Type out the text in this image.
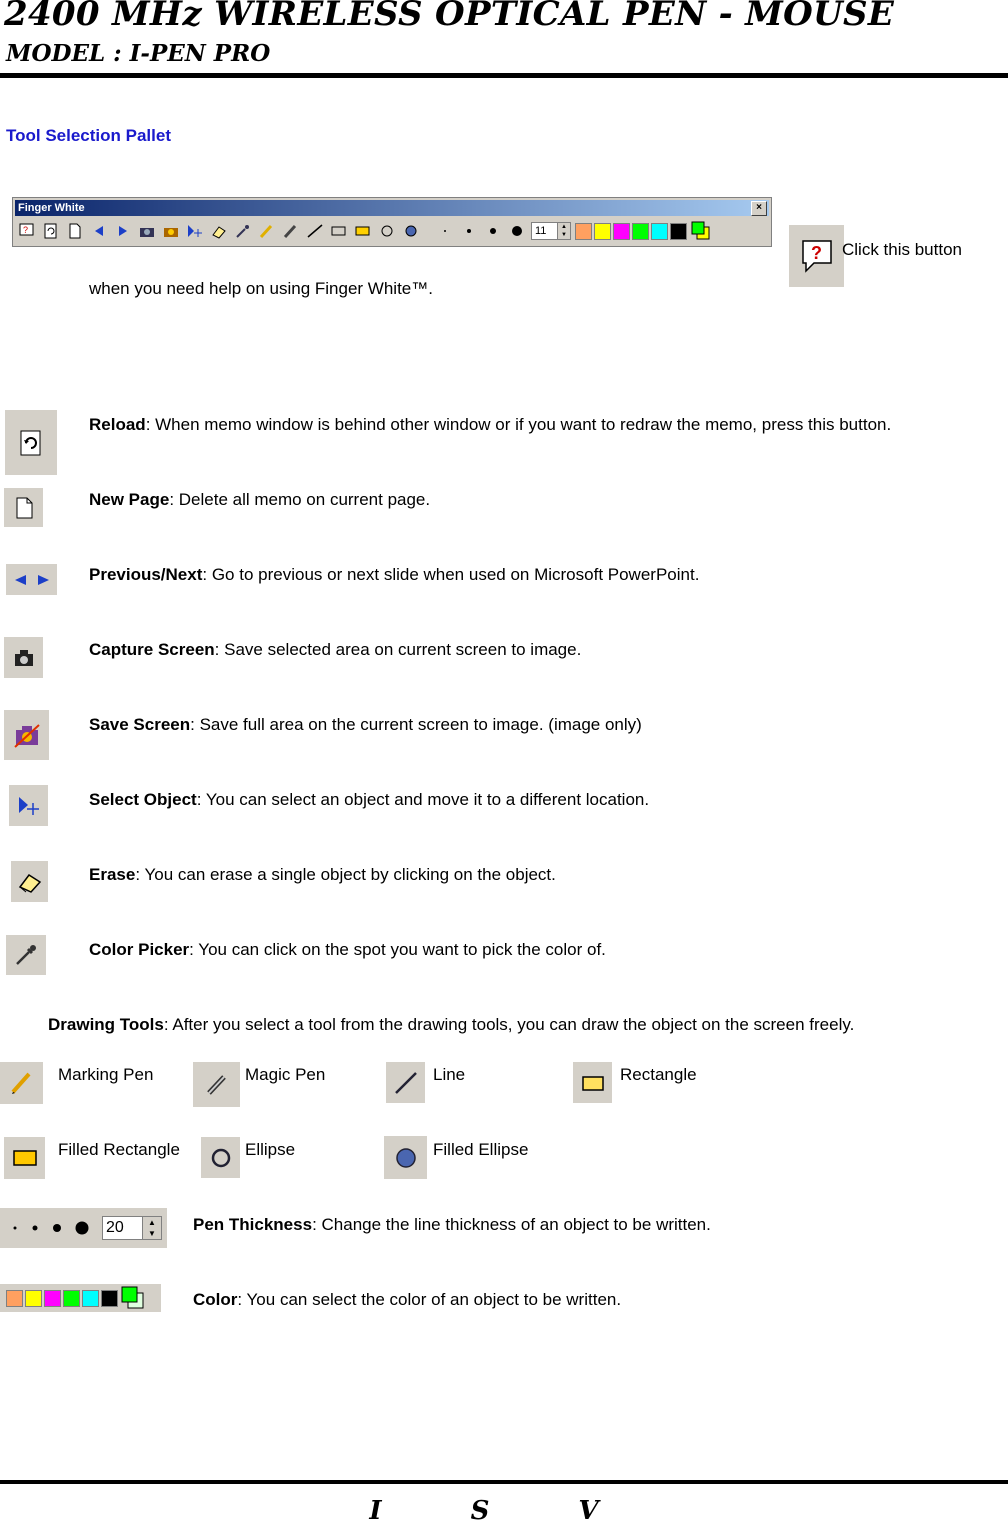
2400 MHz WIRELESS OPTICAL PEN - MOUSE
MODEL : I-PEN PRO
Tool Selection Pallet
Finger White	×
?	11	▲
▼
? Click this button
when you need help on using Finger White™.
Reload: When memo window is behind other window or if you want to redraw the memo, press this button.
New Page: Delete all memo on current page.
Previous/Next: Go to previous or next slide when used on Microsoft PowerPoint.
Capture Screen: Save selected area on current screen to image.
Save Screen: Save full area on the current screen to image. (image only)
Select Object: You can select an object and move it to a different location.
Erase: You can erase a single object by clicking on the object.
Color Picker: You can click on the spot you want to pick the color of.
Drawing Tools: After you select a tool from the drawing tools, you can draw the object on the screen freely.
Marking Pen	Magic Pen	Line	Rectangle
Filled Rectangle	Ellipse	Filled Ellipse
20	▲
▼ Pen Thickness: Change the line thickness of an object to be written.
Color: You can select the color of an object to be written.
I S V
